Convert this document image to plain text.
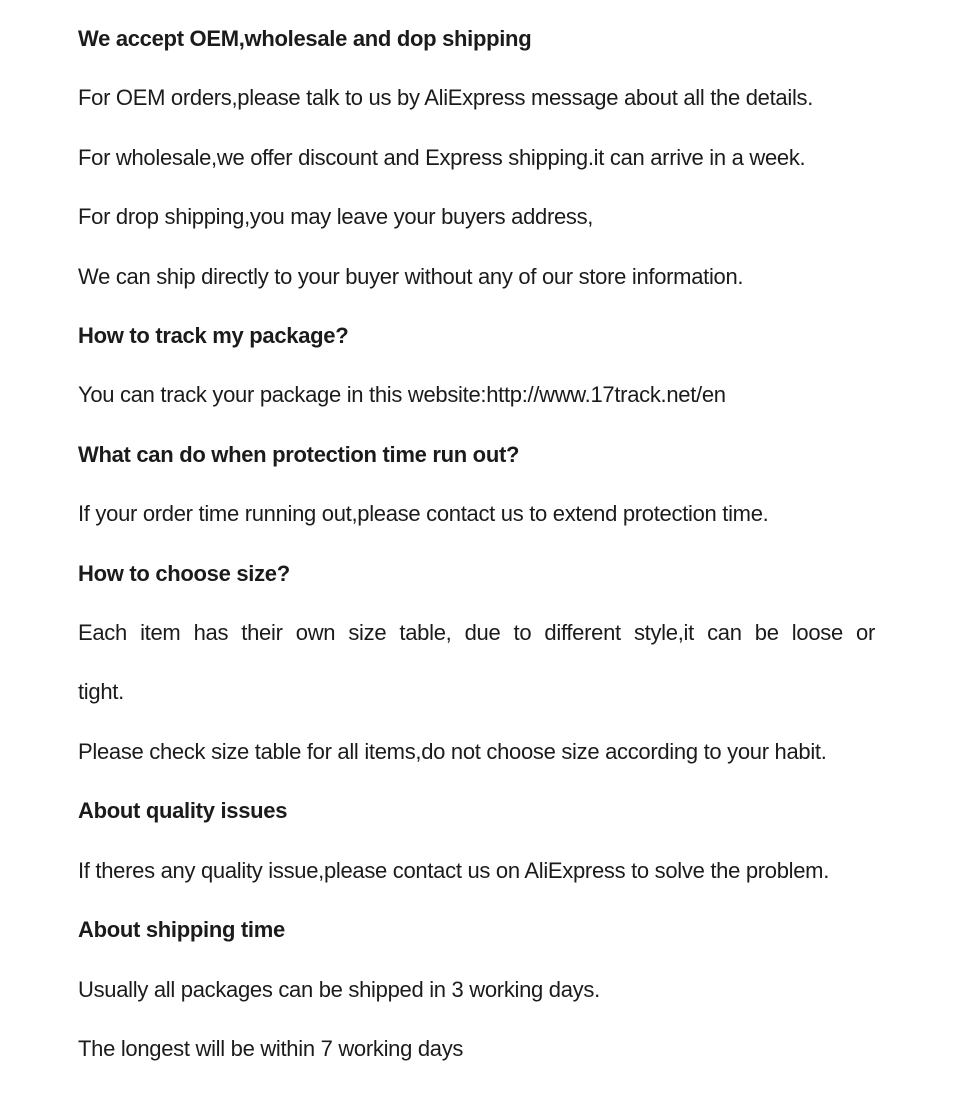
We accept OEM,wholesale and dop shipping
For OEM orders,please talk to us by AliExpress message about all the details.
For wholesale,we offer discount and Express shipping.it can arrive in a week.
For drop shipping,you may leave your buyers address,
We can ship directly to your buyer without any of our store information.
How to track my package?
You can track your package in this website:http://www.17track.net/en
What can do when protection time run out?
If your order time running out,please contact us to extend protection time.
How to choose size?
Each item has their own size table, due to different style,it can be loose or
tight.
Please check size table for all items,do not choose size according to your habit.
About quality issues
If theres any quality issue,please contact us on AliExpress to solve the problem.
About shipping time
Usually all packages can be shipped in 3 working days.
The longest will be within 7 working days
